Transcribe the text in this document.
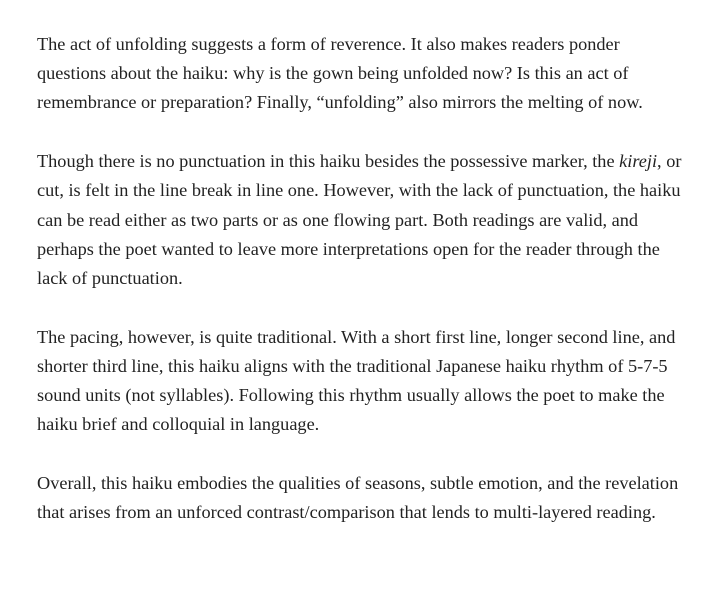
The act of unfolding suggests a form of reverence. It also makes readers ponder questions about the haiku: why is the gown being unfolded now? Is this an act of remembrance or preparation? Finally, “unfolding” also mirrors the melting of now.

Though there is no punctuation in this haiku besides the possessive marker, the kireji, or cut, is felt in the line break in line one. However, with the lack of punctuation, the haiku can be read either as two parts or as one flowing part. Both readings are valid, and perhaps the poet wanted to leave more interpretations open for the reader through the lack of punctuation.

The pacing, however, is quite traditional. With a short first line, longer second line, and shorter third line, this haiku aligns with the traditional Japanese haiku rhythm of 5-7-5 sound units (not syllables). Following this rhythm usually allows the poet to make the haiku brief and colloquial in language.

Overall, this haiku embodies the qualities of seasons, subtle emotion, and the revelation that arises from an unforced contrast/comparison that lends to multi-layered reading.
